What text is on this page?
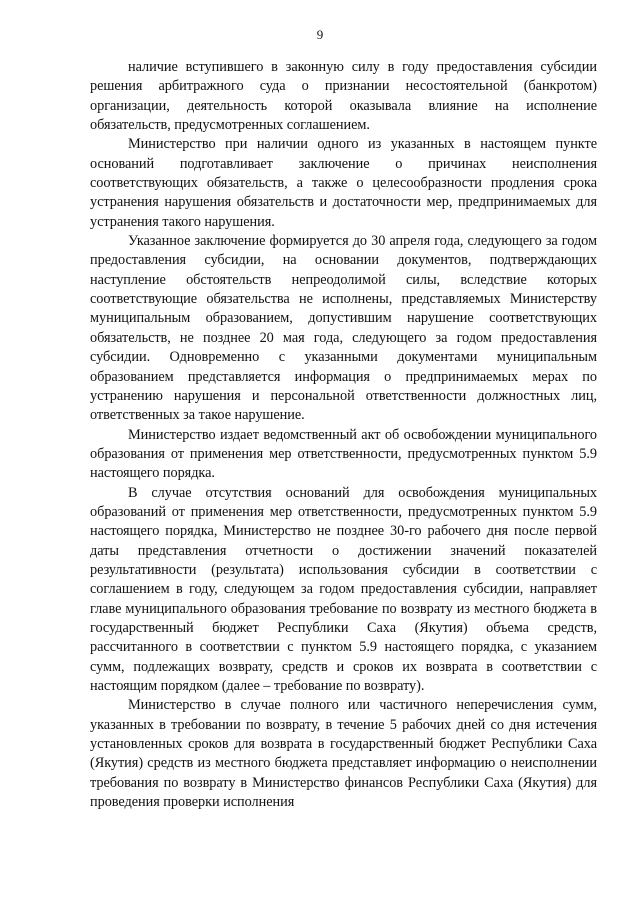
9

наличие вступившего в законную силу в году предоставления субсидии решения арбитражного суда о признании несостоятельной (банкротом) организации, деятельность которой оказывала влияние на исполнение обязательств, предусмотренных соглашением.

Министерство при наличии одного из указанных в настоящем пункте оснований подготавливает заключение о причинах неисполнения соответствующих обязательств, а также о целесообразности продления срока устранения нарушения обязательств и достаточности мер, предпринимаемых для устранения такого нарушения.

Указанное заключение формируется до 30 апреля года, следующего за годом предоставления субсидии, на основании документов, подтверждающих наступление обстоятельств непреодолимой силы, вследствие которых соответствующие обязательства не исполнены, представляемых Министерству муниципальным образованием, допустившим нарушение соответствующих обязательств, не позднее 20 мая года, следующего за годом предоставления субсидии. Одновременно с указанными документами муниципальным образованием представляется информация о предпринимаемых мерах по устранению нарушения и персональной ответственности должностных лиц, ответственных за такое нарушение.

Министерство издает ведомственный акт об освобождении муниципального образования от применения мер ответственности, предусмотренных пунктом 5.9 настоящего порядка.

В случае отсутствия оснований для освобождения муниципальных образований от применения мер ответственности, предусмотренных пунктом 5.9 настоящего порядка, Министерство не позднее 30-го рабочего дня после первой даты представления отчетности о достижении значений показателей результативности (результата) использования субсидии в соответствии с соглашением в году, следующем за годом предоставления субсидии, направляет главе муниципального образования требование по возврату из местного бюджета в государственный бюджет Республики Саха (Якутия) объема средств, рассчитанного в соответствии с пунктом 5.9 настоящего порядка, с указанием сумм, подлежащих возврату, средств и сроков их возврата в соответствии с настоящим порядком (далее – требование по возврату).

Министерство в случае полного или частичного неперечисления сумм, указанных в требовании по возврату, в течение 5 рабочих дней со дня истечения установленных сроков для возврата в государственный бюджет Республики Саха (Якутия) средств из местного бюджета представляет информацию о неисполнении требования по возврату в Министерство финансов Республики Саха (Якутия) для проведения проверки исполнения
